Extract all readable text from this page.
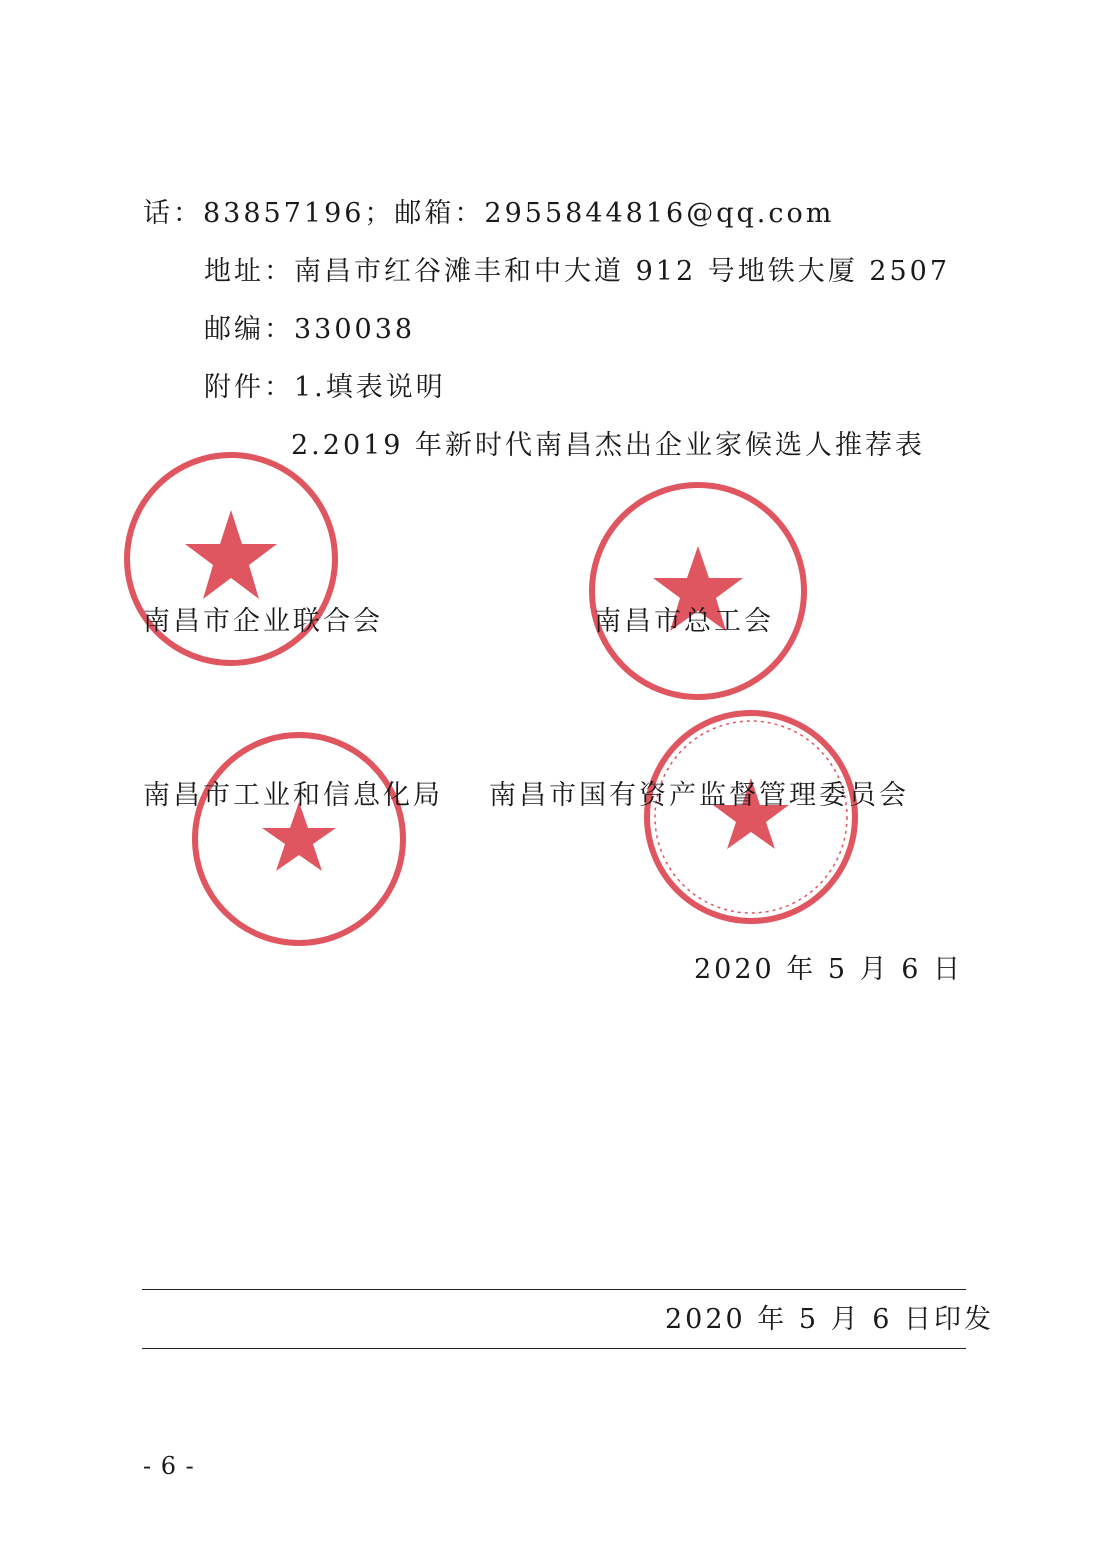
话：83857196；邮箱：2955844816@qq.com
地址：南昌市红谷滩丰和中大道 912 号地铁大厦 2507
邮编：330038
附件：1.填表说明
2.2019 年新时代南昌杰出企业家候选人推荐表
南昌市企业联合会	南昌市总工会
南昌市工业和信息化局 南昌市国有资产监督管理委员会
2020 年 5 月 6 日
2020 年 5 月 6 日印发
- 6 -
